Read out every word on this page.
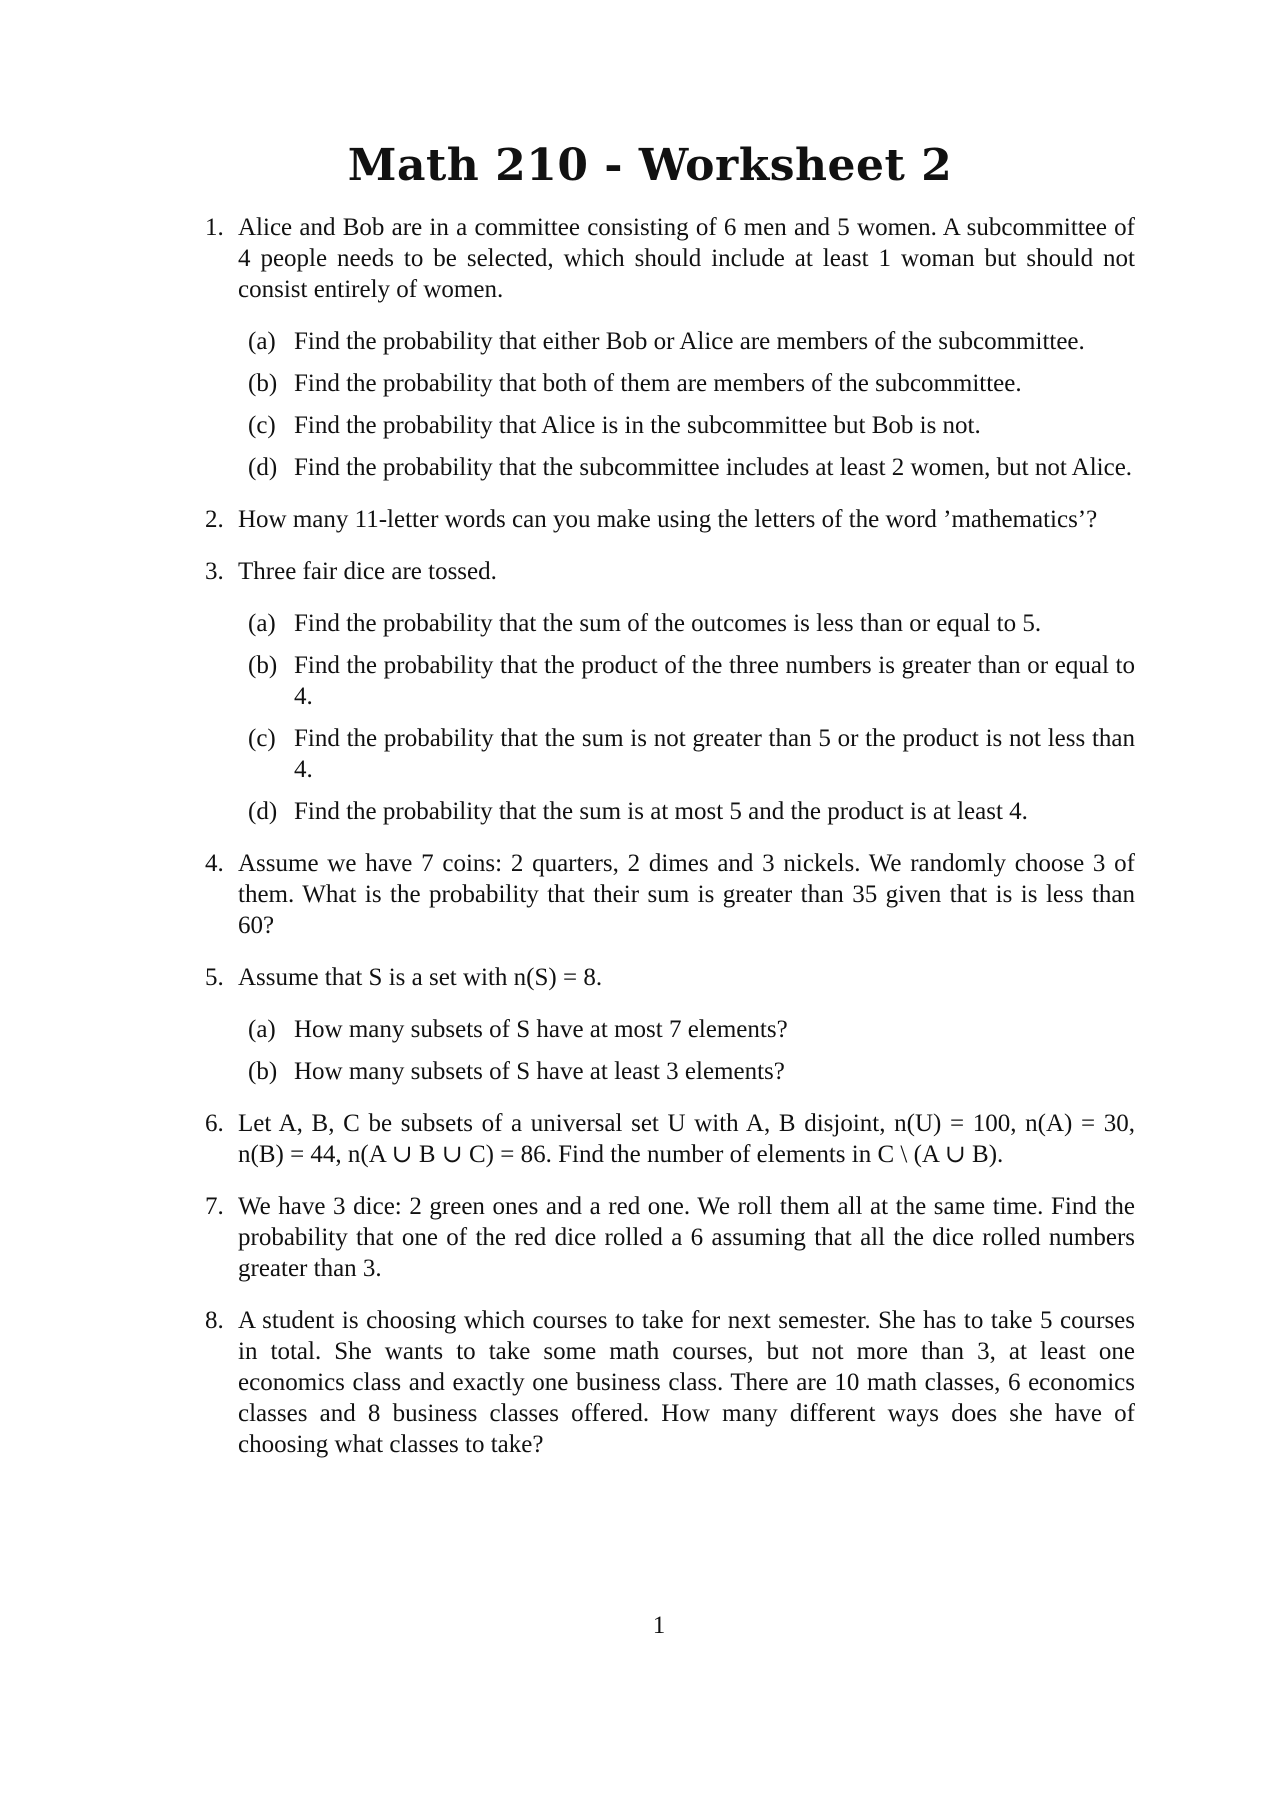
Math 210 - Worksheet 2
1. Alice and Bob are in a committee consisting of 6 men and 5 women. A subcommittee of 4 people needs to be selected, which should include at least 1 woman but should not consist entirely of women.
(a) Find the probability that either Bob or Alice are members of the subcommittee.
(b) Find the probability that both of them are members of the subcommittee.
(c) Find the probability that Alice is in the subcommittee but Bob is not.
(d) Find the probability that the subcommittee includes at least 2 women, but not Alice.
2. How many 11-letter words can you make using the letters of the word ’mathematics’?
3. Three fair dice are tossed.
(a) Find the probability that the sum of the outcomes is less than or equal to 5.
(b) Find the probability that the product of the three numbers is greater than or equal to 4.
(c) Find the probability that the sum is not greater than 5 or the product is not less than 4.
(d) Find the probability that the sum is at most 5 and the product is at least 4.
4. Assume we have 7 coins: 2 quarters, 2 dimes and 3 nickels. We randomly choose 3 of them. What is the probability that their sum is greater than 35 given that is is less than 60?
5. Assume that S is a set with n(S) = 8.
(a) How many subsets of S have at most 7 elements?
(b) How many subsets of S have at least 3 elements?
6. Let A, B, C be subsets of a universal set U with A, B disjoint, n(U) = 100, n(A) = 30, n(B) = 44, n(A ∪ B ∪ C) = 86. Find the number of elements in C \ (A ∪ B).
7. We have 3 dice: 2 green ones and a red one. We roll them all at the same time. Find the probability that one of the red dice rolled a 6 assuming that all the dice rolled numbers greater than 3.
8. A student is choosing which courses to take for next semester. She has to take 5 courses in total. She wants to take some math courses, but not more than 3, at least one economics class and exactly one business class. There are 10 math classes, 6 economics classes and 8 business classes offered. How many different ways does she have of choosing what classes to take?
1
